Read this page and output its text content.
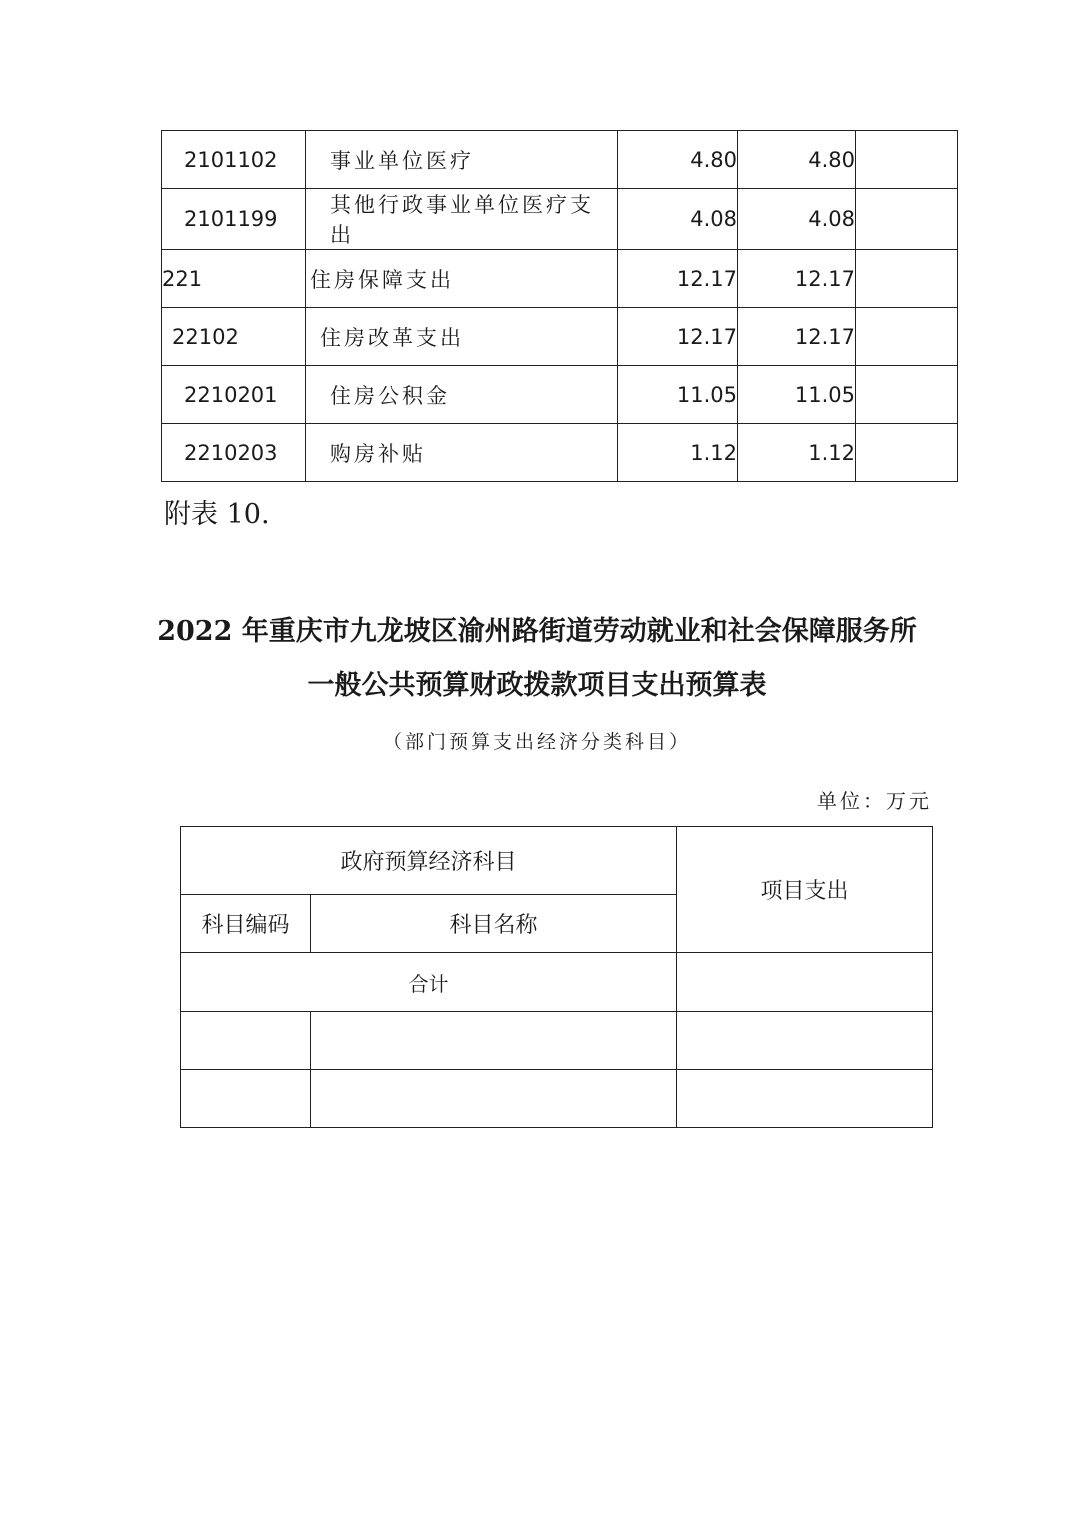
2101102	事业单位医疗	4.80	4.80	
2101199	其他行政事业单位医疗支出	4.08	4.08	
221	住房保障支出	12.17	12.17	
22102	住房改革支出	12.17	12.17	
2210201	住房公积金	11.05	11.05	
2210203	购房补贴	1.12	1.12	
附表 10.
2022 年重庆市九龙坡区渝州路街道劳动就业和社会保障服务所
一般公共预算财政拨款项目支出预算表
（部门预算支出经济分类科目）
单位：万元
政府预算经济科目		项目支出
科目编码	科目名称	
合计		
